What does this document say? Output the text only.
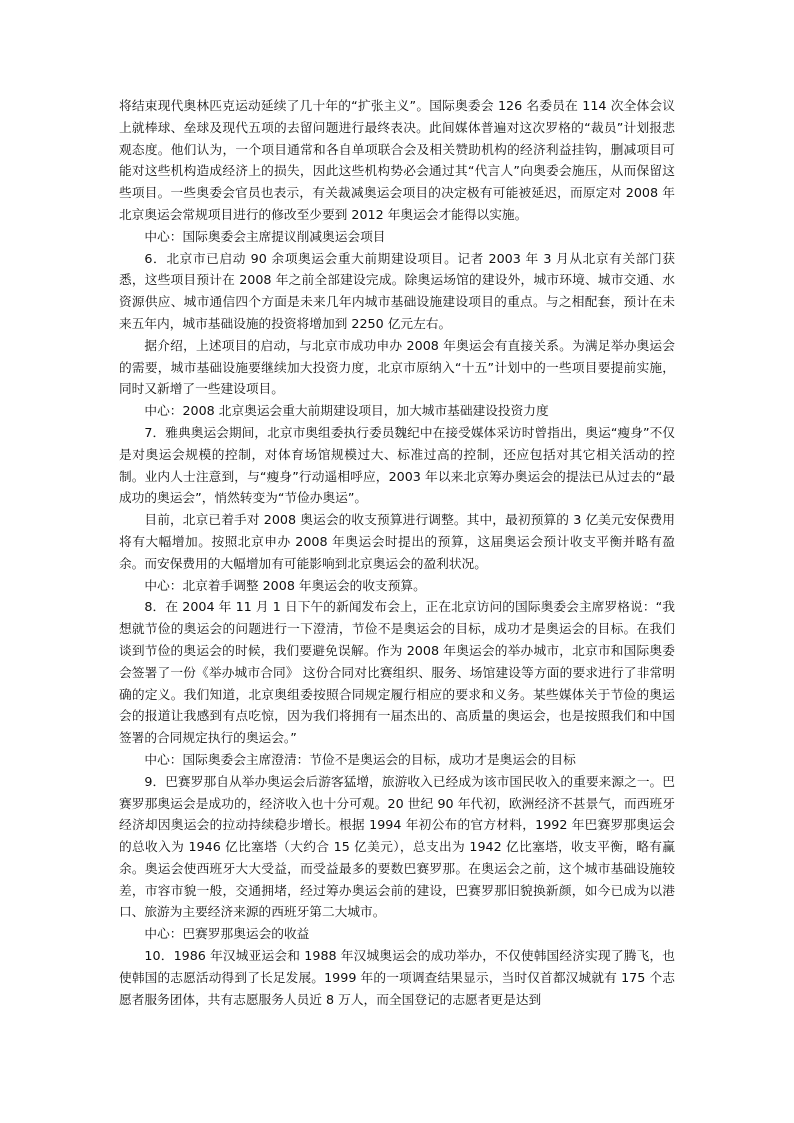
将结束现代奥林匹克运动延续了几十年的“扩张主义”。国际奥委会 126 名委员在 114 次全体会议上就棒球、垒球及现代五项的去留问题进行最终表决。此间媒体普遍对这次罗格的“裁员”计划报悲观态度。他们认为，一个项目通常和各自单项联合会及相关赞助机构的经济利益挂钩，删减项目可能对这些机构造成经济上的损失，因此这些机构势必会通过其“代言人”向奥委会施压，从而保留这些项目。一些奥委会官员也表示，有关裁减奥运会项目的决定极有可能被延迟，而原定对 2008 年北京奥运会常规项目进行的修改至少要到 2012 年奥运会才能得以实施。

中心：国际奥委会主席提议削减奥运会项目

6．北京市已启动 90 余项奥运会重大前期建设项目。记者 2003 年 3 月从北京有关部门获悉，这些项目预计在 2008 年之前全部建设完成。除奥运场馆的建设外，城市环境、城市交通、水资源供应、城市通信四个方面是未来几年内城市基础设施建设项目的重点。与之相配套，预计在未来五年内，城市基础设施的投资将增加到 2250 亿元左右。

据介绍，上述项目的启动，与北京市成功申办 2008 年奥运会有直接关系。为满足举办奥运会的需要，城市基础设施要继续加大投资力度，北京市原纳入“十五”计划中的一些项目要提前实施，同时又新增了一些建设项目。

中心：2008 北京奥运会重大前期建设项目，加大城市基础建设投资力度

7．雅典奥运会期间，北京市奥组委执行委员魏纪中在接受媒体采访时曾指出，奥运“瘦身”不仅是对奥运会规模的控制，对体育场馆规模过大、标准过高的控制，还应包括对其它相关活动的控制。业内人士注意到，与“瘦身”行动遥相呼应，2003 年以来北京筹办奥运会的提法已从过去的“最成功的奥运会”，悄然转变为“节俭办奥运”。

目前，北京已着手对 2008 奥运会的收支预算进行调整。其中，最初预算的 3 亿美元安保费用将有大幅增加。按照北京申办 2008 年奥运会时提出的预算，这届奥运会预计收支平衡并略有盈余。而安保费用的大幅增加有可能影响到北京奥运会的盈利状况。

中心：北京着手调整 2008 年奥运会的收支预算。

8．在 2004 年 11 月 1 日下午的新闻发布会上，正在北京访问的国际奥委会主席罗格说：“我想就节俭的奥运会的问题进行一下澄清，节俭不是奥运会的目标，成功才是奥运会的目标。在我们谈到节俭的奥运会的时候，我们要避免误解。作为 2008 年奥运会的举办城市，北京市和国际奥委会签署了一份《举办城市合同》 这份合同对比赛组织、服务、场馆建设等方面的要求进行了非常明确的定义。我们知道，北京奥组委按照合同规定履行相应的要求和义务。某些媒体关于节俭的奥运会的报道让我感到有点吃惊，因为我们将拥有一届杰出的、高质量的奥运会，也是按照我们和中国签署的合同规定执行的奥运会。”

中心：国际奥委会主席澄清：节俭不是奥运会的目标，成功才是奥运会的目标

9．巴赛罗那自从举办奥运会后游客猛增，旅游收入已经成为该市国民收入的重要来源之一。巴赛罗那奥运会是成功的，经济收入也十分可观。20 世纪 90 年代初，欧洲经济不甚景气，而西班牙经济却因奥运会的拉动持续稳步增长。根据 1994 年初公布的官方材料，1992 年巴赛罗那奥运会的总收入为 1946 亿比塞塔（大约合 15 亿美元），总支出为 1942 亿比塞塔，收支平衡，略有赢余。奥运会使西班牙大大受益，而受益最多的要数巴赛罗那。在奥运会之前，这个城市基础设施较差，市容市貌一般，交通拥堵，经过筹办奥运会前的建设，巴赛罗那旧貌换新颜，如今已成为以港口、旅游为主要经济来源的西班牙第二大城市。

中心：巴赛罗那奥运会的收益

10．1986 年汉城亚运会和 1988 年汉城奥运会的成功举办，不仅使韩国经济实现了腾飞，也使韩国的志愿活动得到了长足发展。1999 年的一项调查结果显示，当时仅首都汉城就有 175 个志愿者服务团体，共有志愿服务人员近 8 万人，而全国登记的志愿者更是达到
